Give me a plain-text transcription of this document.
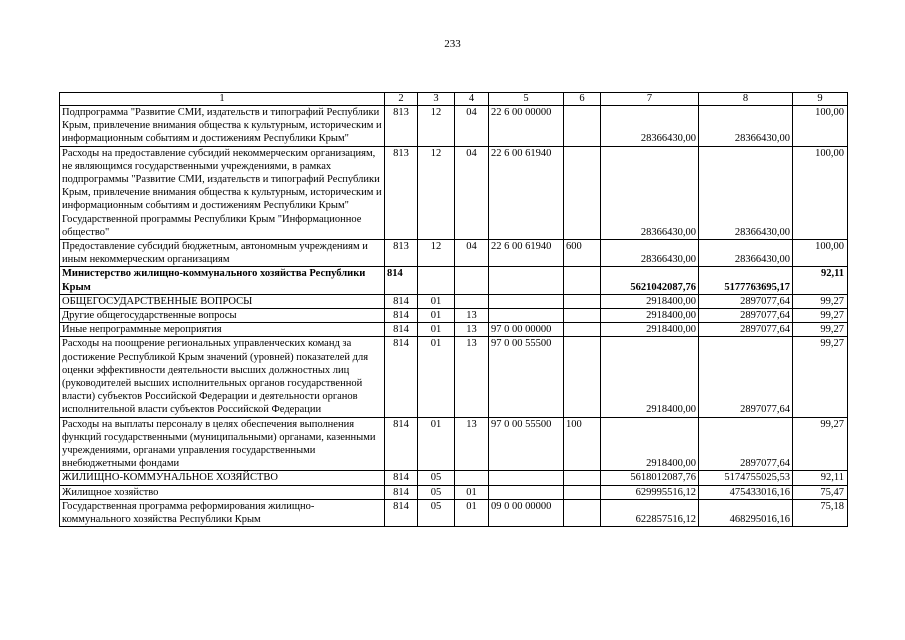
233
1	2	3	4	5	6	7	8	9
Подпрограмма "Развитие СМИ, издательств и типографий Республики Крым, привлечение внимания общества к культурным, историческим и информационным событиям и достижениям Республики Крым"	813	12	04	22 6 00 00000		28366430,00	28366430,00	100,00
Расходы на предоставление субсидий некоммерческим организациям, не являющимся государственными учреждениями, в рамках подпрограммы "Развитие СМИ, издательств и типографий Республики Крым, привлечение внимания общества к культурным, историческим и информационным событиям и достижениям Республики Крым" Государственной программы Республики Крым "Информационное общество"	813	12	04	22 6 00 61940		28366430,00	28366430,00	100,00
Предоставление субсидий бюджетным, автономным учреждениям и иным некоммерческим организациям	813	12	04	22 6 00 61940	600	28366430,00	28366430,00	100,00
Министерство жилищно-коммунального хозяйства Республики Крым	814					5621042087,76	5177763695,17	92,11
ОБЩЕГОСУДАРСТВЕННЫЕ ВОПРОСЫ	814	01				2918400,00	2897077,64	99,27
Другие общегосударственные вопросы	814	01	13			2918400,00	2897077,64	99,27
Иные непрограммные мероприятия	814	01	13	97 0 00 00000		2918400,00	2897077,64	99,27
Расходы на поощрение региональных управленческих команд за достижение Республикой Крым значений (уровней) показателей для оценки эффективности деятельности высших должностных лиц (руководителей высших исполнительных органов государственной власти) субъектов Российской Федерации и деятельности органов исполнительной власти субъектов Российской Федерации	814	01	13	97 0 00 55500		2918400,00	2897077,64	99,27
Расходы на выплаты персоналу в целях обеспечения выполнения функций государственными (муниципальными) органами, казенными учреждениями, органами управления государственными внебюджетными фондами	814	01	13	97 0 00 55500	100	2918400,00	2897077,64	99,27
ЖИЛИЩНО-КОММУНАЛЬНОЕ ХОЗЯЙСТВО	814	05				5618012087,76	5174755025,53	92,11
Жилищное хозяйство	814	05	01			629995516,12	475433016,16	75,47
Государственная программа реформирования жилищно-коммунального хозяйства Республики Крым	814	05	01	09 0 00 00000		622857516,12	468295016,16	75,18
